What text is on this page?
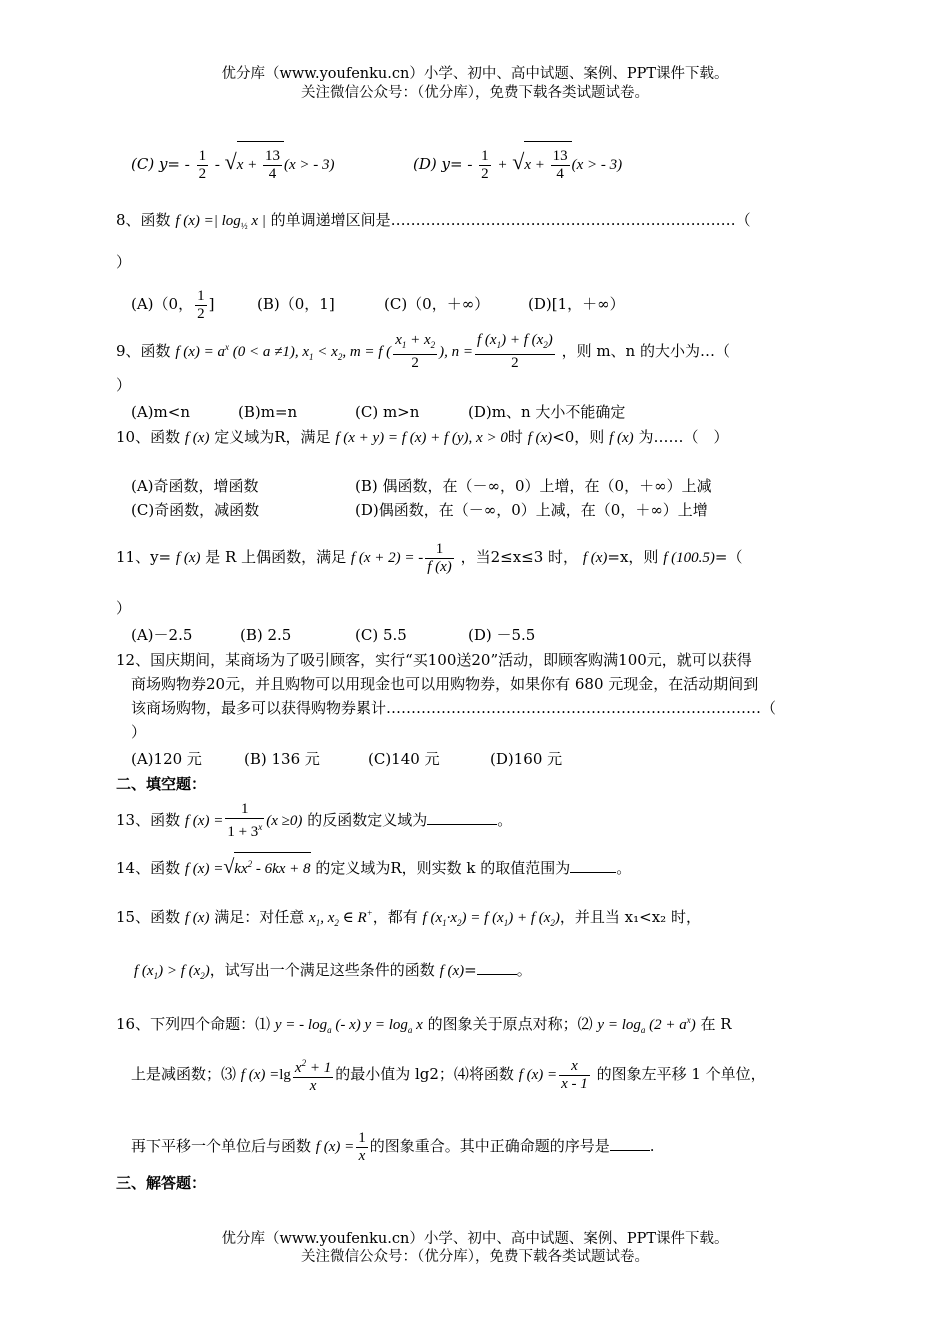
优分库（www.youfenku.cn）小学、初中、高中试题、案例、PPT课件下载。
关注微信公众号：（优分库），免费下载各类试题试卷。
(C) $y= - \frac{1}{2} - √x + \frac{13}{4} (x$ > - 3)	(D) $y= - \frac{1}{2} + √x + \frac{13}{4} (x$ > - 3)
8、函数 f (x) =| $\log_{\frac{1}{2}} x$ | 的单调递增区间是……………………………………………………………（
）
(A)（0， $\frac{1}{2}$ ]	(B)（0，1]	(C)（0，＋∞）	(D)[1，＋∞）
9、函数 f $(x) = a^x$ (0 < a ≠1), $x_1 < x_2$, m = f ( $\frac{x_1 + x_2}{2}$ ), $n = \frac{f (x_1) + f (x_2)}{2}$ ，则 m、n 的大小为…（
）
(A)m<n	(B)m=n	(C) m>n	(D)m、n 大小不能确定
10、函数 f (x) 定义域为R，满足 f (x + y) = f (x) + f (y), x > 0时 f (x)<0，则 f (x) 为……（　）
(A)奇函数，增函数	(B) 偶函数，在（－∞，0）上增，在（0，＋∞）上减
(C)奇函数，减函数	(D)偶函数，在（－∞，0）上减，在（0，＋∞）上增
11、y= f (x) 是 R 上偶函数，满足 f (x + 2) = - $\frac{1}{f (x)}$ ，当2≤x≤3 时， f (x)=x，则 f (100.5)=（
）
(A)－2.5	(B) 2.5	(C) 5.5	(D) －5.5
12、国庆期间，某商场为了吸引顾客，实行“买100送20”活动，即顾客购满100元，就可以获得
商场购物券20元，并且购物可以用现金也可以用购物券，如果你有 680 元现金，在活动期间到
该商场购物，最多可以获得购物券累计…………………………………………………………………（
）
(A)120 元	(B) 136 元	(C)140 元	(D)160 元
二、填空题：
13、函数 f $(x) = \frac{1}{1 + 3^x} (x \ge 0)$ 的反函数定义域为	。
14、函数 f $(x) =√kx^2 - 6kx + 8$ 的定义域为R，则实数 k 的取值范围为	。
15、函数 f (x) 满足：对任意 $x_1$, $x_2$ ∈ R+，都有 f $(x_1\cdot x_2) = f$ $(x_1) + f$ $(x_2)$，并且当 x₁<x₂ 时，
f $(x_1) > f$ $(x_2)$，试写出一个满足这些条件的函数 f (x)=	。
16、下列四个命题：⑴ y = - $\log_a$ (- x) $y = \log_a x$ 的图象关于原点对称；⑵ $y = \log_a (2 + a^x)$ 在 R
上是减函数；⑶ f $(x) =\lg \frac{x^2 + 1}{x}$ 的最小值为 lg2；⑷将函数 f $(x) = \frac{x}{x - 1}$ 的图象左平移 1 个单位，
再下平移一个单位后与函数 f $(x) = \frac{1}{x}$ 的图象重合。其中正确命题的序号是	.
三、解答题：
优分库（www.youfenku.cn）小学、初中、高中试题、案例、PPT课件下载。
关注微信公众号：（优分库），免费下载各类试题试卷。
